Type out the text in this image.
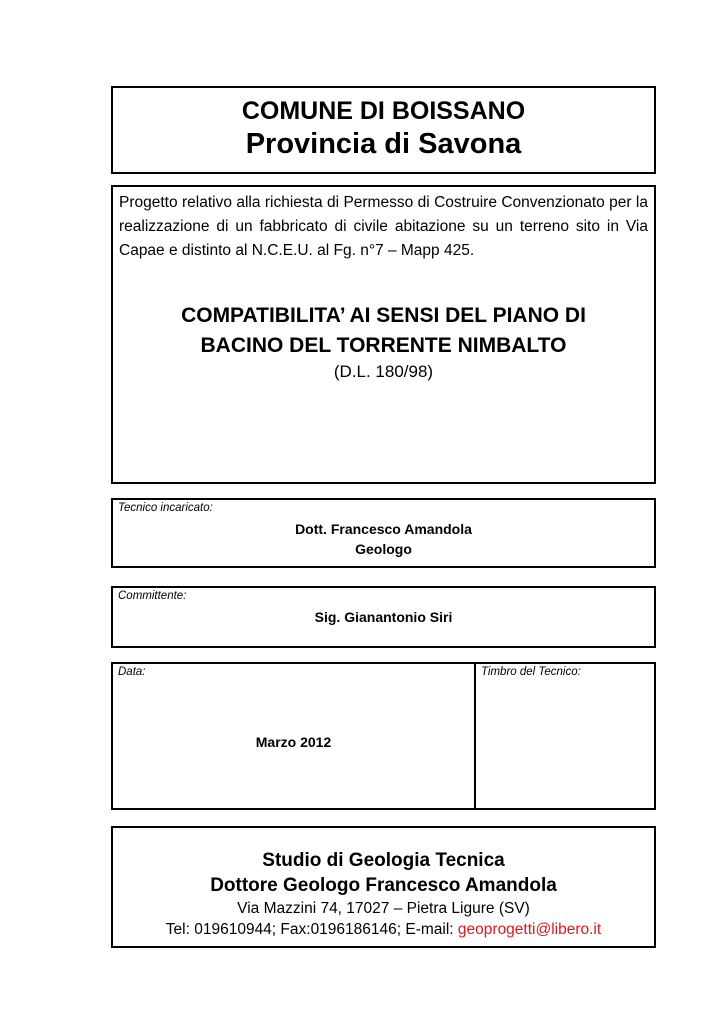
COMUNE DI BOISSANO
Provincia di Savona

Progetto relativo alla richiesta di Permesso di Costruire Convenzionato per la realizzazione di un fabbricato di civile abitazione su un terreno sito in Via Capae e distinto al N.C.E.U. al Fg. n°7 – Mapp 425.

COMPATIBILITA’ AI SENSI DEL PIANO DI
BACINO DEL TORRENTE NIMBALTO
(D.L. 180/98)
Tecnico incaricato:
Dott. Francesco Amandola
Geologo
Committente:
Sig. Gianantonio Siri
Data:
Marzo 2012
Timbro del Tecnico:
Studio di Geologia Tecnica
Dottore Geologo Francesco Amandola
Via Mazzini 74, 17027 – Pietra Ligure (SV)
Tel: 019610944; Fax:0196186146; E-mail: geoprogetti@libero.it
